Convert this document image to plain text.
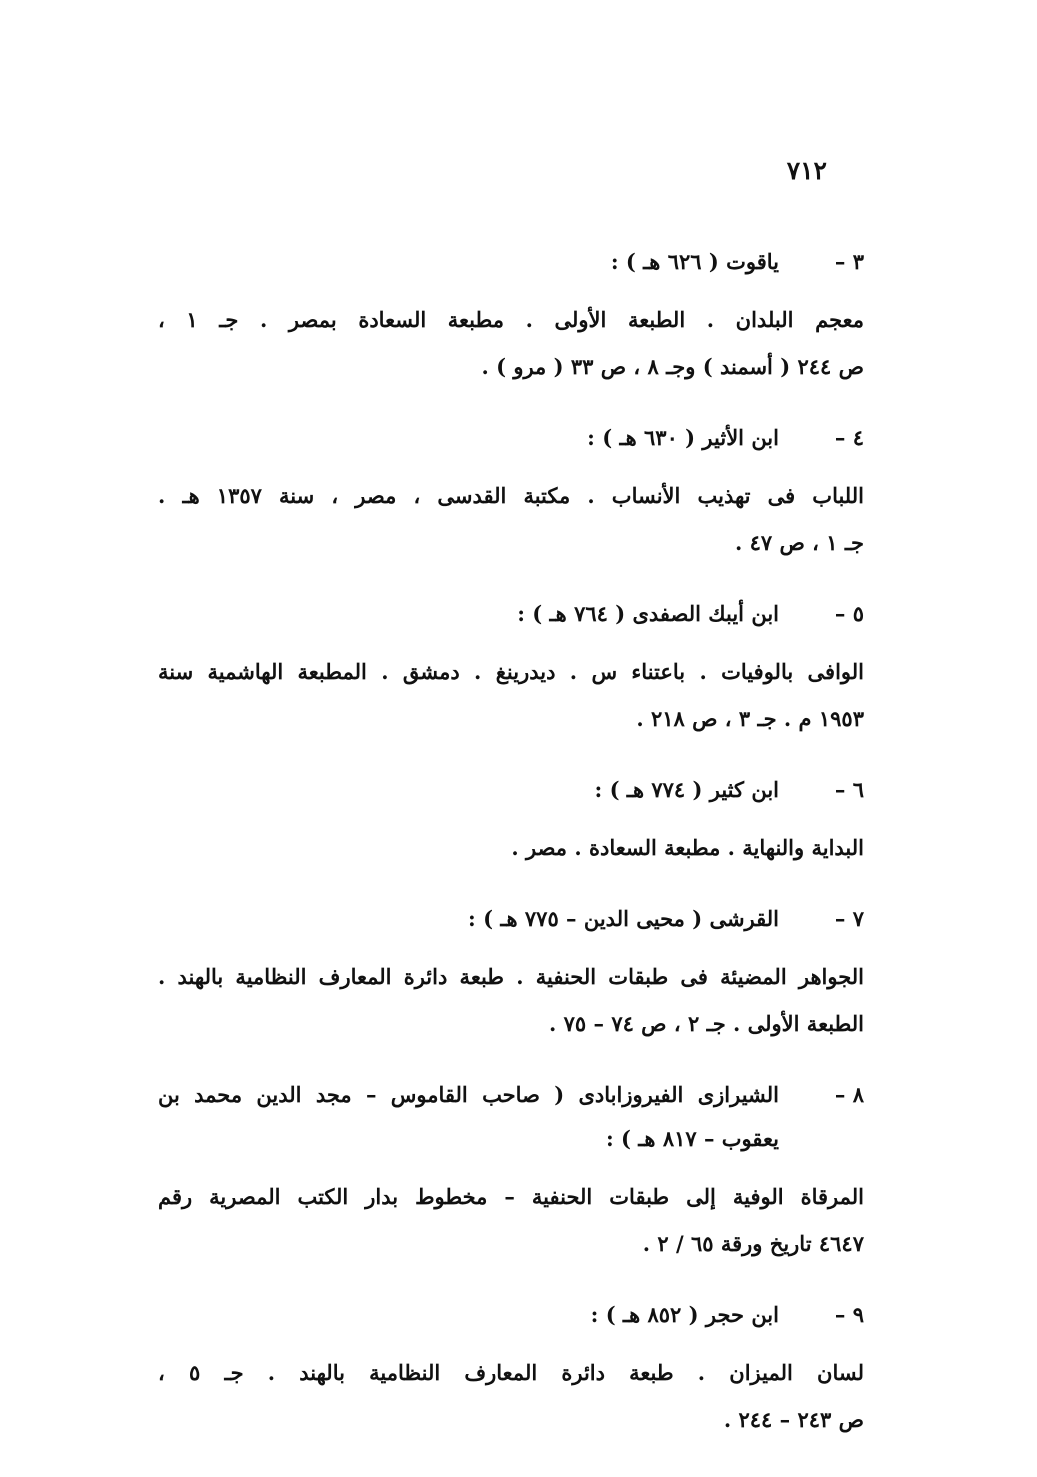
٧١٢
٣ –
ياقوت ( ٦٢٦ هـ ) :
معجم البلدان . الطبعة الأولى . مطبعة السعادة بمصر . جـ ١ ،
ص ٢٤٤ ( أسمند ) وجـ ٨ ، ص ٣٣ ( مرو ) .
٤ –
ابن الأثير ( ٦٣٠ هـ ) :
اللباب فى تهذيب الأنساب . مكتبة القدسى ، مصر ، سنة ١٣٥٧ هـ .
جـ ١ ، ص ٤٧ .
٥ –
ابن أيبك الصفدى ( ٧٦٤ هـ ) :
الوافى بالوفيات . باعتناء س . ديدرينغ . دمشق . المطبعة الهاشمية سنة
١٩٥٣ م . جـ ٣ ، ص ٢١٨ .
٦ –
ابن كثير ( ٧٧٤ هـ ) :
البداية والنهاية . مطبعة السعادة . مصر .
٧ –
القرشى ( محيى الدين – ٧٧٥ هـ ) :
الجواهر المضيئة فى طبقات الحنفية . طبعة دائرة المعارف النظامية بالهند .
الطبعة الأولى . جـ ٢ ، ص ٧٤ – ٧٥ .
٨ –
الشيرازى الفيروزابادى ( صاحب القاموس – مجد الدين محمد بن يعقوب – ٨١٧ هـ ) :
المرقاة الوفية إلى طبقات الحنفية – مخطوط بدار الكتب المصرية رقم
٤٦٤٧ تاريخ ورقة ٦٥ / ٢ .
٩ –
ابن حجر ( ٨٥٢ هـ ) :
لسان الميزان . طبعة دائرة المعارف النظامية بالهند . جـ ٥ ،
ص ٢٤٣ – ٢٤٤ .
